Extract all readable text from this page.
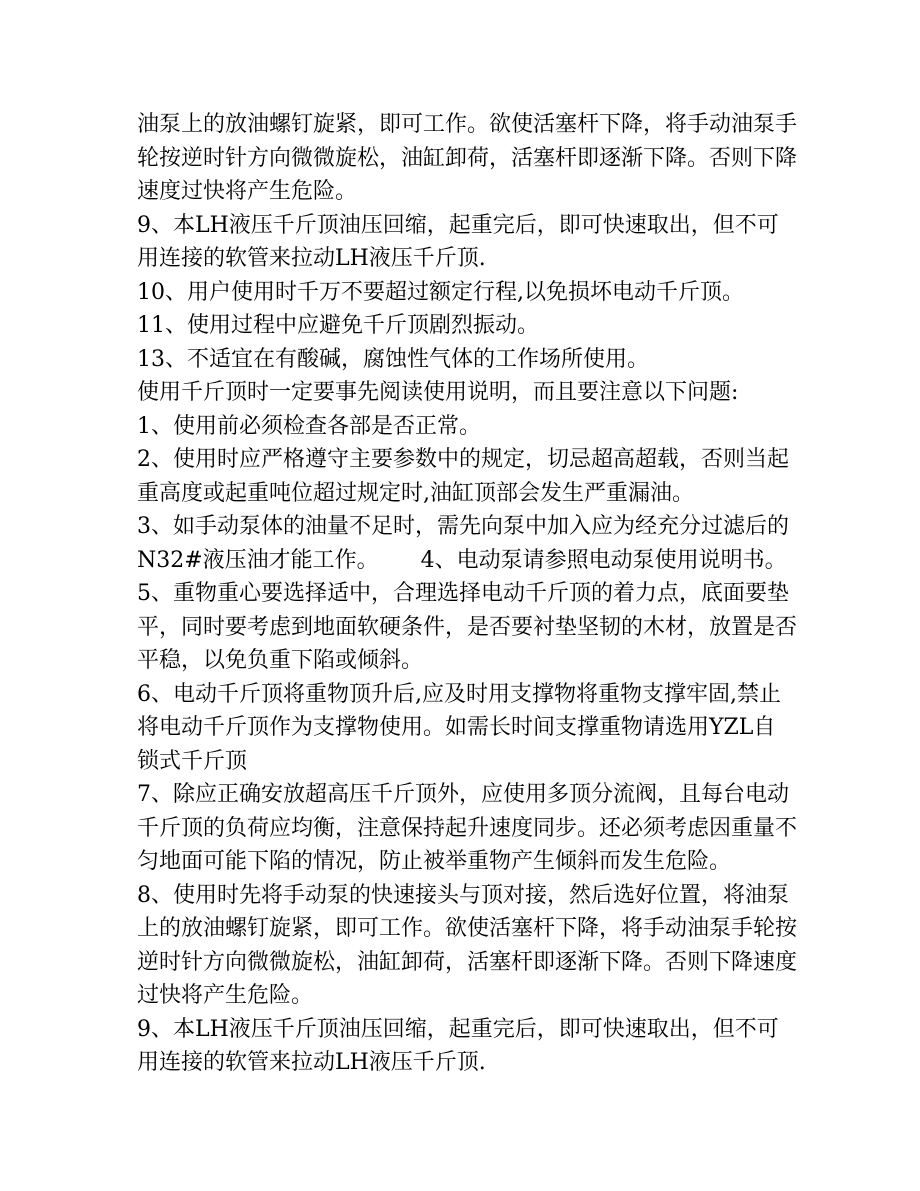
油泵上的放油螺钉旋紧，即可工作。欲使活塞杆下降，将手动油泵手轮按逆时针方向微微旋松，油缸卸荷，活塞杆即逐渐下降。否则下降速度过快将产生危险。

9、本LH液压千斤顶油压回缩，起重完后，即可快速取出，但不可用连接的软管来拉动LH液压千斤顶.

10、用户使用时千万不要超过额定行程,以免损坏电动千斤顶。

11、使用过程中应避免千斤顶剧烈振动。

13、不适宜在有酸碱，腐蚀性气体的工作场所使用。

使用千斤顶时一定要事先阅读使用说明，而且要注意以下问题:

1、使用前必须检查各部是否正常。

2、使用时应严格遵守主要参数中的规定，切忌超高超载，否则当起重高度或起重吨位超过规定时,油缸顶部会发生严重漏油。

3、如手动泵体的油量不足时，需先向泵中加入应为经充分过滤后的N32#液压油才能工作。      4、电动泵请参照电动泵使用说明书。

5、重物重心要选择适中，合理选择电动千斤顶的着力点，底面要垫平，同时要考虑到地面软硬条件，是否要衬垫坚韧的木材，放置是否平稳，以免负重下陷或倾斜。

6、电动千斤顶将重物顶升后,应及时用支撑物将重物支撑牢固,禁止将电动千斤顶作为支撑物使用。如需长时间支撑重物请选用YZL自锁式千斤顶

7、除应正确安放超高压千斤顶外，应使用多顶分流阀，且每台电动千斤顶的负荷应均衡，注意保持起升速度同步。还必须考虑因重量不匀地面可能下陷的情况，防止被举重物产生倾斜而发生危险。

8、使用时先将手动泵的快速接头与顶对接，然后选好位置，将油泵上的放油螺钉旋紧，即可工作。欲使活塞杆下降，将手动油泵手轮按逆时针方向微微旋松，油缸卸荷，活塞杆即逐渐下降。否则下降速度过快将产生危险。

9、本LH液压千斤顶油压回缩，起重完后，即可快速取出，但不可用连接的软管来拉动LH液压千斤顶.
